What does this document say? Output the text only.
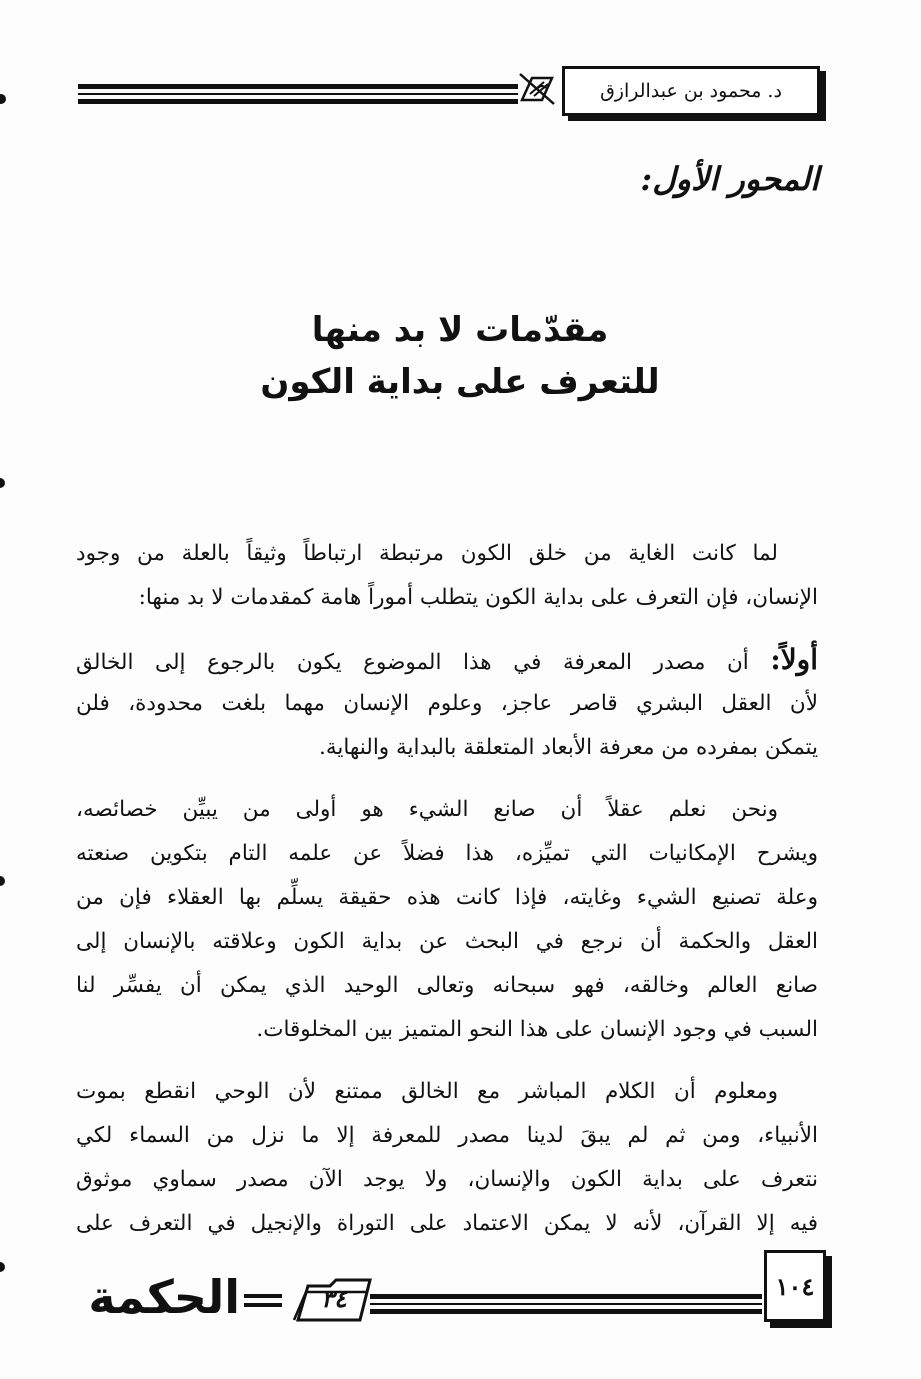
د. محمود بن عبدالرازق
المحور الأول:
مقدّمات لا بد منها
للتعرف على بداية الكون
لما كانت الغاية من خلق الكون مرتبطة ارتباطاً وثيقاً بالعلة من وجود
الإنسان، فإن التعرف على بداية الكون يتطلب أموراً هامة كمقدمات لا بد منها:
أولاً: أن مصدر المعرفة في هذا الموضوع يكون بالرجوع إلى الخالق
لأن العقل البشري قاصر عاجز، وعلوم الإنسان مهما بلغت محدودة، فلن
يتمكن بمفرده من معرفة الأبعاد المتعلقة بالبداية والنهاية.
ونحن نعلم عقلاً أن صانع الشيء هو أولى من يبيِّن خصائصه،
ويشرح الإمكانيات التي تميِّزه، هذا فضلاً عن علمه التام بتكوين صنعته
وعلة تصنيع الشيء وغايته، فإذا كانت هذه حقيقة يسلِّم بها العقلاء فإن من
العقل والحكمة أن نرجع في البحث عن بداية الكون وعلاقته بالإنسان إلى
صانع العالم وخالقه، فهو سبحانه وتعالى الوحيد الذي يمكن أن يفسِّر لنا
السبب في وجود الإنسان على هذا النحو المتميز بين المخلوقات.
ومعلوم أن الكلام المباشر مع الخالق ممتنع لأن الوحي انقطع بموت
الأنبياء، ومن ثم لم يبقَ لدينا مصدر للمعرفة إلا ما نزل من السماء لكي
نتعرف على بداية الكون والإنسان، ولا يوجد الآن مصدر سماوي موثوق
فيه إلا القرآن، لأنه لا يمكن الاعتماد على التوراة والإنجيل في التعرف على
الحكمة	٣٤	١٠٤
